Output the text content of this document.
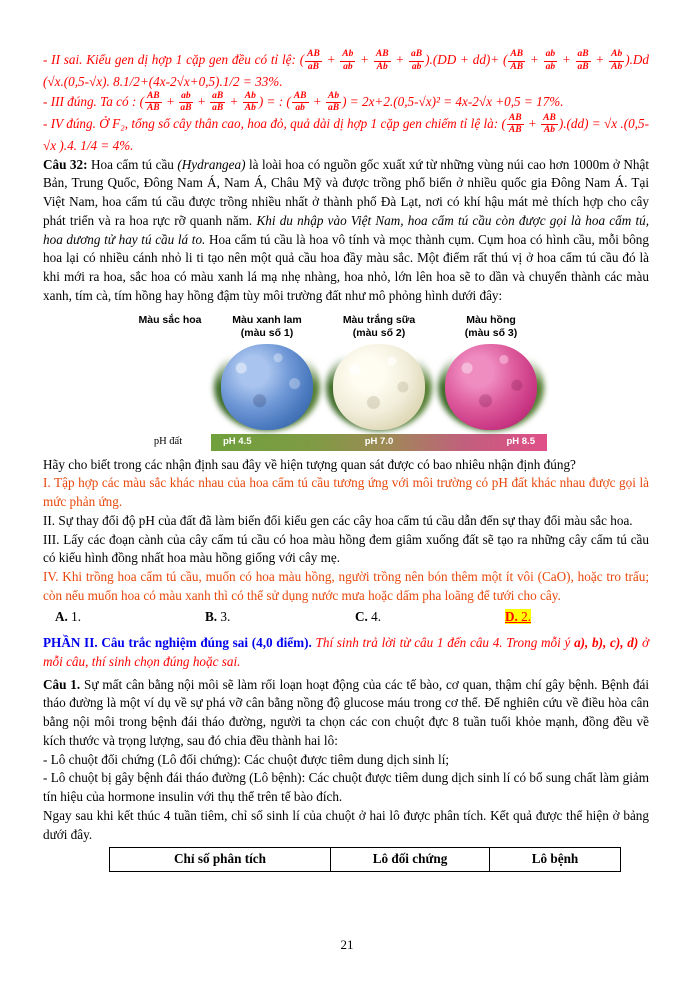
- II sai. Kiểu gen dị hợp 1 cặp gen đều có tỉ lệ: ( $\frac{AB}{aB} + \frac{Ab}{ab} + \frac{AB}{Ab} + \frac{aB}{ab} ).(DD + dd)+$ ( $\frac{AB}{AB} + \frac{ab}{ab} + \frac{aB}{aB} + \frac{Ab}{Ab} ).Dd$ (√x.(0,5-√x). 8.1/2+(4x-2√x+0,5).1/2 = 33%.

- III đúng. Ta có : ( $\frac{AB}{AB} + \frac{ab}{aB} + \frac{aB}{aB} + \frac{Ab}{Ab}$ ) = : ( $\frac{AB}{ab} + \frac{Ab}{aB}$ ) = 2x+2.(0,5-√x)² = 4x-2√x +0,5 = 17%.

- IV đúng. Ở F₂, tổng số cây thân cao, hoa đỏ, quả dài dị hợp 1 cặp gen chiếm tỉ lệ là: ( $\frac{AB}{AB} + \frac{AB}{Ab} ).(dd) = √x$ .(0,5-√x ).4. 1/4 = 4%.

Câu 32: Hoa cẩm tú cầu (Hydrangea) là loài hoa có nguồn gốc xuất xứ từ những vùng núi cao hơn 1000m ở Nhật Bản, Trung Quốc, Đông Nam Á, Nam Á, Châu Mỹ và được trồng phổ biến ở nhiều quốc gia Đông Nam Á. Tại Việt Nam, hoa cẩm tú cầu được trồng nhiều nhất ở thành phố Đà Lạt, nơi có khí hậu mát mẻ thích hợp cho cây phát triển và ra hoa rực rỡ quanh năm. Khi du nhập vào Việt Nam, hoa cẩm tú cầu còn được gọi là hoa cẩm tú, hoa dương tử hay tú cầu lá to. Hoa cẩm tú cầu là hoa vô tính và mọc thành cụm. Cụm hoa có hình cầu, mỗi bông hoa lại có nhiều cánh nhỏ li ti tạo nên một quả cầu hoa đầy màu sắc. Một điểm rất thú vị ở hoa cẩm tú cầu đó là khi mới ra hoa, sắc hoa có màu xanh lá mạ nhẹ nhàng, hoa nhỏ, lớn lên hoa sẽ to dần và chuyển thành các màu xanh, tím cà, tím hồng hay hồng đậm tùy môi trường đất như mô phỏng hình dưới đây:

Màu sắc hoa	Màu xanh lam
(màu số 1)
Màu trắng sữa
(màu số 2)
Màu hồng
(màu số 3)
pH đất	pH 4.5	pH 7.0	pH 8.5

Hãy cho biết trong các nhận định sau đây về hiện tượng quan sát được có bao nhiêu nhận định đúng?

I. Tập hợp các màu sắc khác nhau của hoa cẩm tú cầu tương ứng với môi trường có pH đất khác nhau được gọi là mức phản ứng.

II. Sự thay đổi độ pH của đất đã làm biến đổi kiểu gen các cây hoa cẩm tú cầu dẫn đến sự thay đổi màu sắc hoa.

III. Lấy các đoạn cành của cây cẩm tú cầu có hoa màu hồng đem giâm xuống đất sẽ tạo ra những cây cẩm tú cầu có kiểu hình đồng nhất hoa màu hồng giống với cây mẹ.

IV. Khi trồng hoa cẩm tú cầu, muốn có hoa màu hồng, người trồng nên bón thêm một ít vôi (CaO), hoặc tro trấu; còn nếu muốn hoa có màu xanh thì có thể sử dụng nước mưa hoặc dấm pha loãng để tưới cho cây.

A. 1.	B. 3.	C. 4.	D. 2.

PHẦN II. Câu trắc nghiệm đúng sai (4,0 điểm). Thí sinh trả lời từ câu 1 đến câu 4. Trong mỗi ý a), b), c), d) ở mỗi câu, thí sinh chọn đúng hoặc sai.

Câu 1. Sự mất cân bằng nội môi sẽ làm rối loạn hoạt động của các tế bào, cơ quan, thậm chí gây bệnh. Bệnh đái tháo đường là một ví dụ về sự phá vỡ cân bằng nồng độ glucose máu trong cơ thể. Để nghiên cứu về điều hòa cân bằng nội môi trong bệnh đái tháo đường, người ta chọn các con chuột đực 8 tuần tuổi khỏe mạnh, đồng đều về kích thước và trọng lượng, sau đó chia đều thành hai lô:

- Lô chuột đối chứng (Lô đối chứng): Các chuột được tiêm dung dịch sinh lí;

- Lô chuột bị gây bệnh đái tháo đường (Lô bệnh): Các chuột được tiêm dung dịch sinh lí có bổ sung chất làm giảm tín hiệu của hormone insulin với thụ thể trên tế bào đích.

Ngay sau khi kết thúc 4 tuần tiêm, chỉ số sinh lí của chuột ở hai lô được phân tích. Kết quả được thể hiện ở bảng dưới đây.

Chỉ số phân tích	Lô đối chứng	Lô bệnh
21
